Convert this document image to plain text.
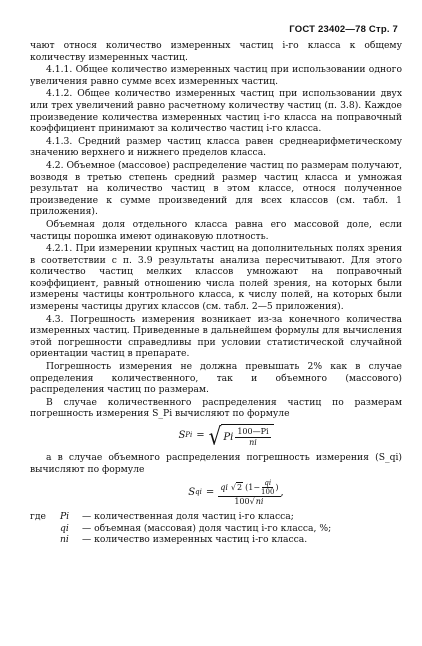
ГОСТ 23402—78 Стр. 7

чают относя количество измеренных частиц i-го класса к общему количеству измеренных частиц.

4.1.1. Общее количество измеренных частиц при использовании одного увеличения равно сумме всех измеренных частиц.

4.1.2. Общее количество измеренных частиц при использовании двух или трех увеличений равно расчетному количеству частиц (п. 3.8). Каждое произведение количества измеренных частиц i-го класса на поправочный коэффициент принимают за количество частиц i-го класса.

4.1.3. Средний размер частиц класса равен среднеарифметическому значению верхнего и нижнего пределов класса.

4.2. Объемное (массовое) распределение частиц по размерам получают, возводя в третью степень средний размер частиц класса и умножая результат на количество частиц в этом классе, относя полученное произведение к сумме произведений для всех классов (см. табл. 1 приложения).

Объемная доля отдельного класса равна его массовой доле, если частицы порошка имеют одинаковую плотность.

4.2.1. При измерении крупных частиц на дополнительных полях зрения в соответствии с п. 3.9 результаты анализа пересчитывают. Для этого количество частиц мелких классов умножают на поправочный коэффициент, равный отношению числа полей зрения, на которых были измерены частицы контрольного класса, к числу полей, на которых были измерены частицы других классов (см. табл. 2—5 приложения).

4.3. Погрешность измерения возникает из-за конечного количества измеренных частиц. Приведенные в дальнейшем формулы для вычисления этой погрешности справедливы при условии статистической случайной ориентации частиц в препарате.

Погрешность измерения не должна превышать 2% как в случае определения количественного, так и объемного (массового) распределения частиц по размерам.

В случае количественного распределения частиц по размерам погрешность измерения S_Pi вычисляют по формуле

S Pi = √ Pi $\frac{100—Pi}{ni}$

а в случае объемного распределения погрешность измерения (S_qi) вычисляют по формуле

S qi =
qi √ 2 ($1- \frac{qi}{100}$ )
100√ni
,
где	Pi	— количественная доля частиц i-го класса;
qi	— объемная (массовая) доля частиц i-го класса, %;
ni	— количество измеренных частиц i-го класса.
